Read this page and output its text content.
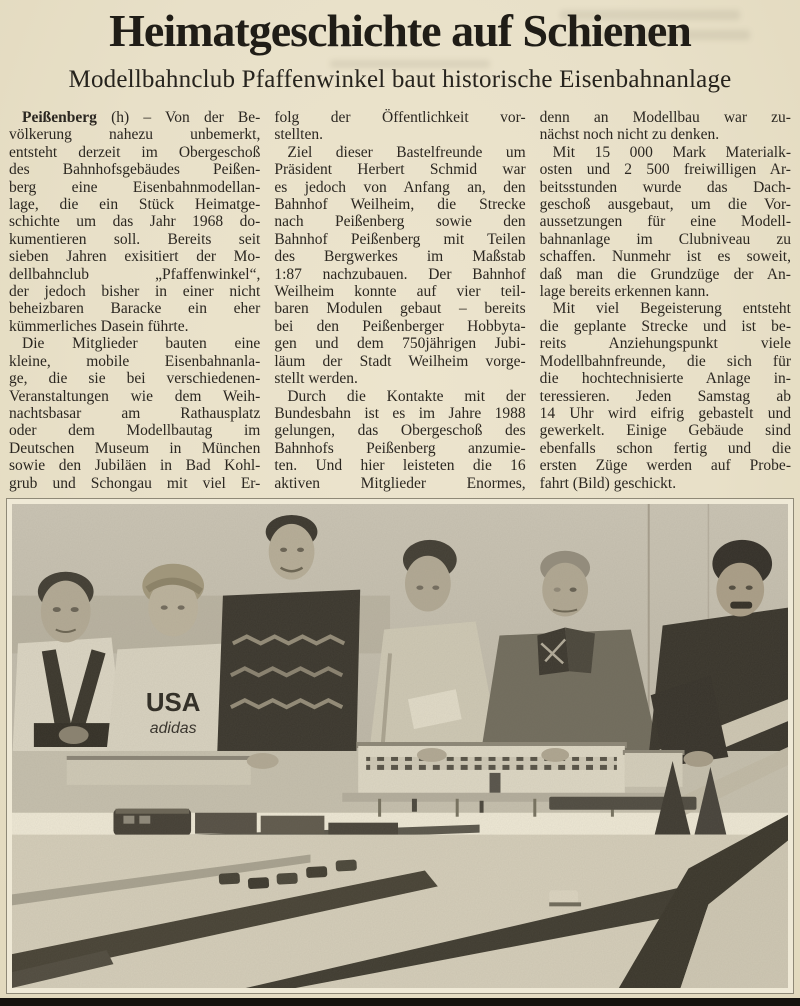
Heimatgeschichte auf Schienen
Modellbahnclub Pfaffenwinkel baut historische Eisenbahnanlage
Peißenberg (h) – Von der Be-
völkerung nahezu unbemerkt,
entsteht derzeit im Obergeschoß
des Bahnhofsgebäudes Peißen-
berg eine Eisenbahnmodellan-
lage, die ein Stück Heimatge-
schichte um das Jahr 1968 do-
kumentieren soll. Bereits seit
sieben Jahren exisitiert der Mo-
dellbahnclub „Pfaffenwinkel“,
der jedoch bisher in einer nicht
beheizbaren Baracke ein eher
kümmerliches Dasein führte.
Die Mitglieder bauten eine
kleine, mobile Eisenbahnanla-
ge, die sie bei verschiedenen-
Veranstaltungen wie dem Weih-
nachtsbasar am Rathausplatz
oder dem Modellbautag im
Deutschen Museum in München
sowie den Jubiläen in Bad Kohl-
grub und Schongau mit viel Er-
folg der Öffentlichkeit vor-
stellten.
Ziel dieser Bastelfreunde um
Präsident Herbert Schmid war
es jedoch von Anfang an, den
Bahnhof Weilheim, die Strecke
nach Peißenberg sowie den
Bahnhof Peißenberg mit Teilen
des Bergwerkes im Maßstab
1:87 nachzubauen. Der Bahnhof
Weilheim konnte auf vier teil-
baren Modulen gebaut – bereits
bei den Peißenberger Hobbyta-
gen und dem 750jährigen Jubi-
läum der Stadt Weilheim vorge-
stellt werden.
Durch die Kontakte mit der
Bundesbahn ist es im Jahre 1988
gelungen, das Obergeschoß des
Bahnhofs Peißenberg anzumie-
ten. Und hier leisteten die 16
aktiven Mitglieder Enormes,
denn an Modellbau war zu-
nächst noch nicht zu denken.
Mit 15 000 Mark Materialk-
osten und 2 500 freiwilligen Ar-
beitsstunden wurde das Dach-
geschoß ausgebaut, um die Vor-
aussetzungen für eine Modell-
bahnanlage im Clubniveau zu
schaffen. Nunmehr ist es soweit,
daß man die Grundzüge der An-
lage bereits erkennen kann.
Mit viel Begeisterung entsteht
die geplante Strecke und ist be-
reits Anziehungspunkt viele
Modellbahnfreunde, die sich für
die hochtechnisierte Anlage in-
teressieren. Jeden Samstag ab
14 Uhr wird eifrig gebastelt und
gewerkelt. Einige Gebäude sind
ebenfalls schon fertig und die
ersten Züge werden auf Probe-
fahrt (Bild) geschickt.
